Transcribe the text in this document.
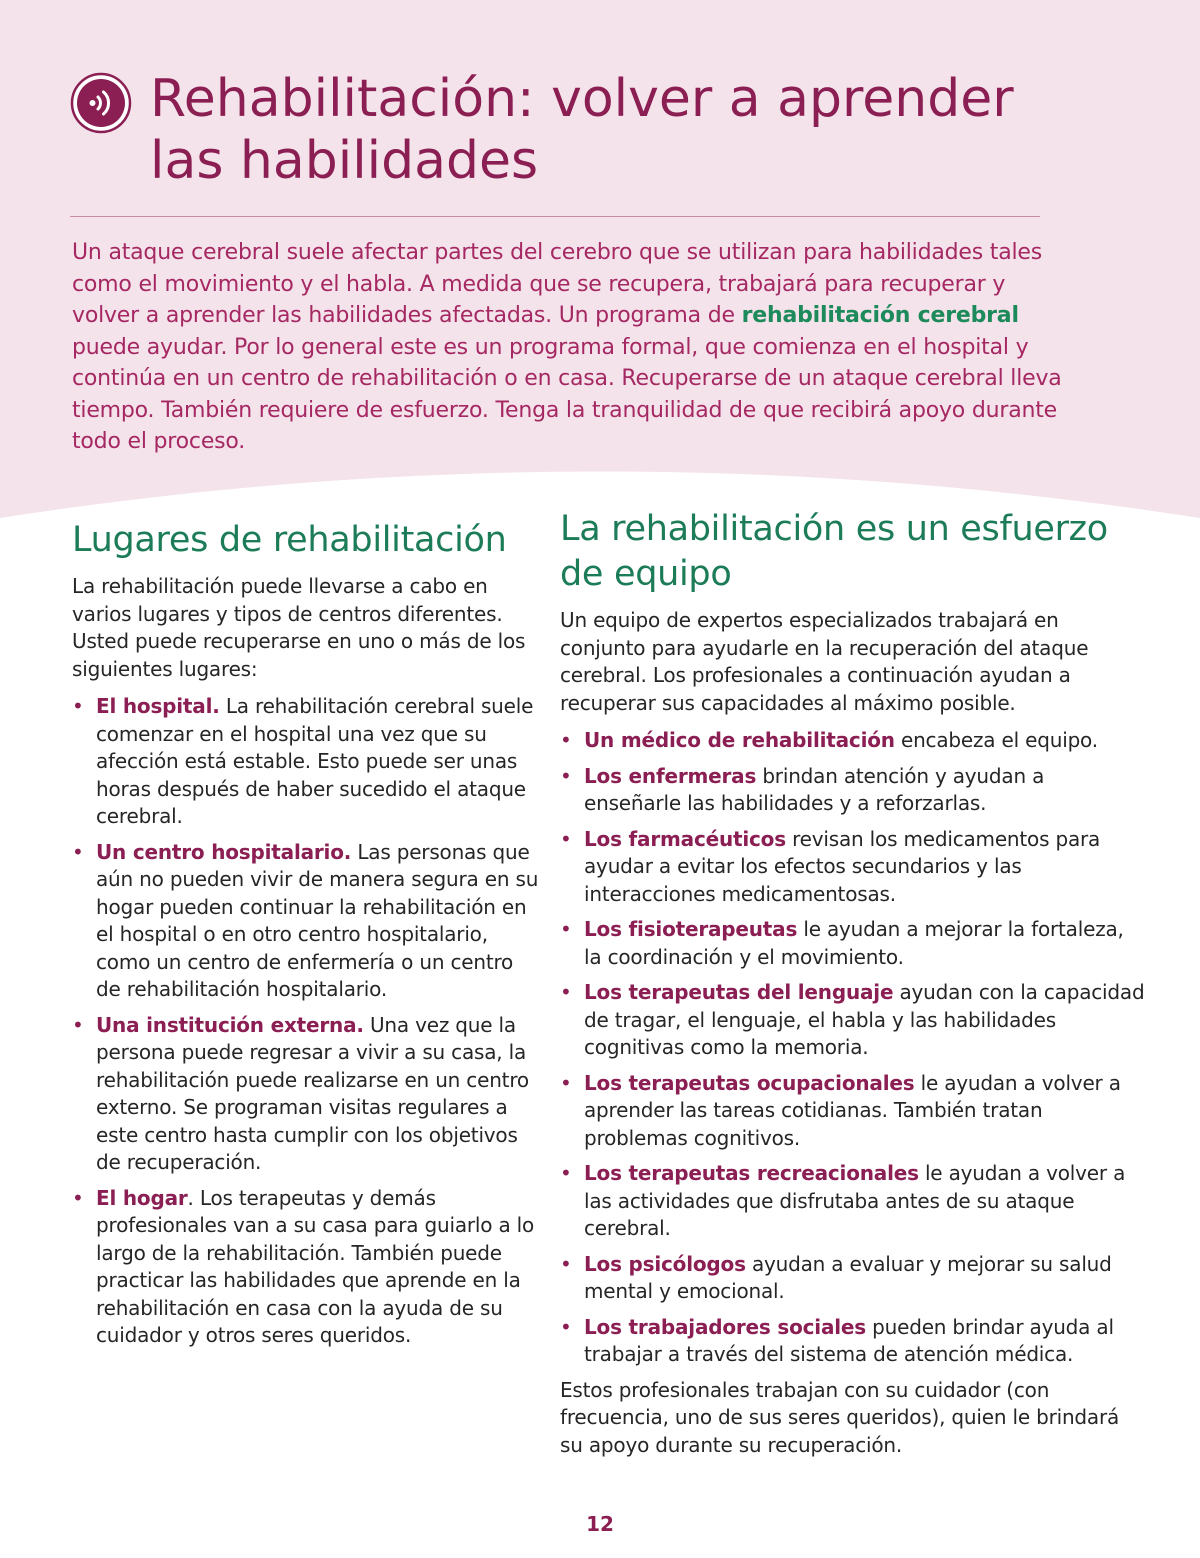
Rehabilitación: volver a aprender
las habilidades

Un ataque cerebral suele afectar partes del cerebro que se utilizan para habilidades tales como el movimiento y el habla. A medida que se recupera, trabajará para recuperar y volver a aprender las habilidades afectadas. Un programa de rehabilitación cerebral puede ayudar. Por lo general este es un programa formal, que comienza en el hospital y continúa en un centro de rehabilitación o en casa. Recuperarse de un ataque cerebral lleva tiempo. También requiere de esfuerzo. Tenga la tranquilidad de que recibirá apoyo durante todo el proceso.

Lugares de rehabilitación

La rehabilitación puede llevarse a cabo en varios lugares y tipos de centros diferentes. Usted puede recuperarse en uno o más de los siguientes lugares:

• El hospital. La rehabilitación cerebral suele comenzar en el hospital una vez que su afección está estable. Esto puede ser unas horas después de haber sucedido el ataque cerebral.
• Un centro hospitalario. Las personas que aún no pueden vivir de manera segura en su hogar pueden continuar la rehabilitación en el hospital o en otro centro hospitalario, como un centro de enfermería o un centro de rehabilitación hospitalario.
• Una institución externa. Una vez que la persona puede regresar a vivir a su casa, la rehabilitación puede realizarse en un centro externo. Se programan visitas regulares a este centro hasta cumplir con los objetivos de recuperación.
• El hogar. Los terapeutas y demás profesionales van a su casa para guiarlo a lo largo de la rehabilitación. También puede practicar las habilidades que aprende en la rehabilitación en casa con la ayuda de su cuidador y otros seres queridos.
La rehabilitación es un esfuerzo de equipo

Un equipo de expertos especializados trabajará en conjunto para ayudarle en la recuperación del ataque cerebral. Los profesionales a continuación ayudan a recuperar sus capacidades al máximo posible.

• Un médico de rehabilitación encabeza el equipo.
• Los enfermeras brindan atención y ayudan a enseñarle las habilidades y a reforzarlas.
• Los farmacéuticos revisan los medicamentos para ayudar a evitar los efectos secundarios y las interacciones medicamentosas.
• Los fisioterapeutas le ayudan a mejorar la fortaleza, la coordinación y el movimiento.
• Los terapeutas del lenguaje ayudan con la capacidad de tragar, el lenguaje, el habla y las habilidades cognitivas como la memoria.
• Los terapeutas ocupacionales le ayudan a volver a aprender las tareas cotidianas. También tratan problemas cognitivos.
• Los terapeutas recreacionales le ayudan a volver a las actividades que disfrutaba antes de su ataque cerebral.
• Los psicólogos ayudan a evaluar y mejorar su salud mental y emocional.
• Los trabajadores sociales pueden brindar ayuda al trabajar a través del sistema de atención médica.

Estos profesionales trabajan con su cuidador (con frecuencia, uno de sus seres queridos), quien le brindará su apoyo durante su recuperación.

12
